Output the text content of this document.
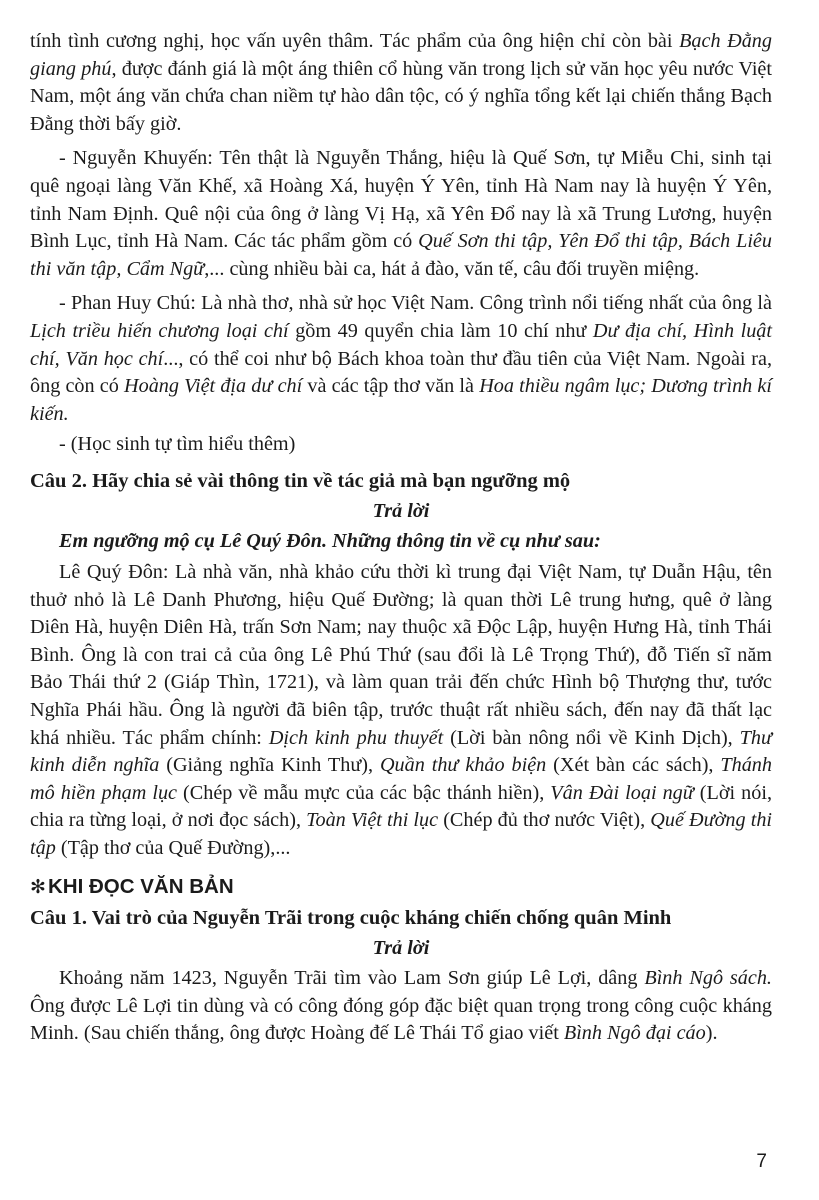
tính tình cương nghị, học vấn uyên thâm. Tác phẩm của ông hiện chỉ còn bài Bạch Đằng giang phú, được đánh giá là một áng thiên cổ hùng văn trong lịch sử văn học yêu nước Việt Nam, một áng văn chứa chan niềm tự hào dân tộc, có ý nghĩa tổng kết lại chiến thắng Bạch Đằng thời bấy giờ.

- Nguyễn Khuyến: Tên thật là Nguyễn Thắng, hiệu là Quế Sơn, tự Miễu Chi, sinh tại quê ngoại làng Văn Khế, xã Hoàng Xá, huyện Ý Yên, tỉnh Hà Nam nay là huyện Ý Yên, tỉnh Nam Định. Quê nội của ông ở làng Vị Hạ, xã Yên Đổ nay là xã Trung Lương, huyện Bình Lục, tỉnh Hà Nam. Các tác phẩm gồm có Quế Sơn thi tập, Yên Đổ thi tập, Bách Liêu thi văn tập, Cẩm Ngữ,... cùng nhiều bài ca, hát ả đào, văn tế, câu đối truyền miệng.

- Phan Huy Chú: Là nhà thơ, nhà sử học Việt Nam. Công trình nổi tiếng nhất của ông là Lịch triều hiến chương loại chí gồm 49 quyển chia làm 10 chí như Dư địa chí, Hình luật chí, Văn học chí..., có thể coi như bộ Bách khoa toàn thư đầu tiên của Việt Nam. Ngoài ra, ông còn có Hoàng Việt địa dư chí và các tập thơ văn là Hoa thiều ngâm lục; Dương trình kí kiến.

- (Học sinh tự tìm hiểu thêm)

Câu 2. Hãy chia sẻ vài thông tin về tác giả mà bạn ngưỡng mộ

Trả lời

Em ngưỡng mộ cụ Lê Quý Đôn. Những thông tin về cụ như sau:

Lê Quý Đôn: Là nhà văn, nhà khảo cứu thời kì trung đại Việt Nam, tự Duẫn Hậu, tên thuở nhỏ là Lê Danh Phương, hiệu Quế Đường; là quan thời Lê trung hưng, quê ở làng Diên Hà, huyện Diên Hà, trấn Sơn Nam; nay thuộc xã Độc Lập, huyện Hưng Hà, tỉnh Thái Bình. Ông là con trai cả của ông Lê Phú Thứ (sau đổi là Lê Trọng Thứ), đỗ Tiến sĩ năm Bảo Thái thứ 2 (Giáp Thìn, 1721), và làm quan trải đến chức Hình bộ Thượng thư, tước Nghĩa Phái hầu. Ông là người đã biên tập, trước thuật rất nhiều sách, đến nay đã thất lạc khá nhiều. Tác phẩm chính: Dịch kinh phu thuyết (Lời bàn nông nổi về Kinh Dịch), Thư kinh diễn nghĩa (Giảng nghĩa Kinh Thư), Quần thư khảo biện (Xét bàn các sách), Thánh mô hiền phạm lục (Chép về mẫu mực của các bậc thánh hiền), Vân Đài loại ngữ (Lời nói, chia ra từng loại, ở nơi đọc sách), Toàn Việt thi lục (Chép đủ thơ nước Việt), Quế Đường thi tập (Tập thơ của Quế Đường),...

✻ KHI ĐỌC VĂN BẢN

Câu 1. Vai trò của Nguyễn Trãi trong cuộc kháng chiến chống quân Minh

Trả lời

Khoảng năm 1423, Nguyễn Trãi tìm vào Lam Sơn giúp Lê Lợi, dâng Bình Ngô sách. Ông được Lê Lợi tin dùng và có công đóng góp đặc biệt quan trọng trong công cuộc kháng Minh. (Sau chiến thắng, ông được Hoàng đế Lê Thái Tổ giao viết Bình Ngô đại cáo).

7
